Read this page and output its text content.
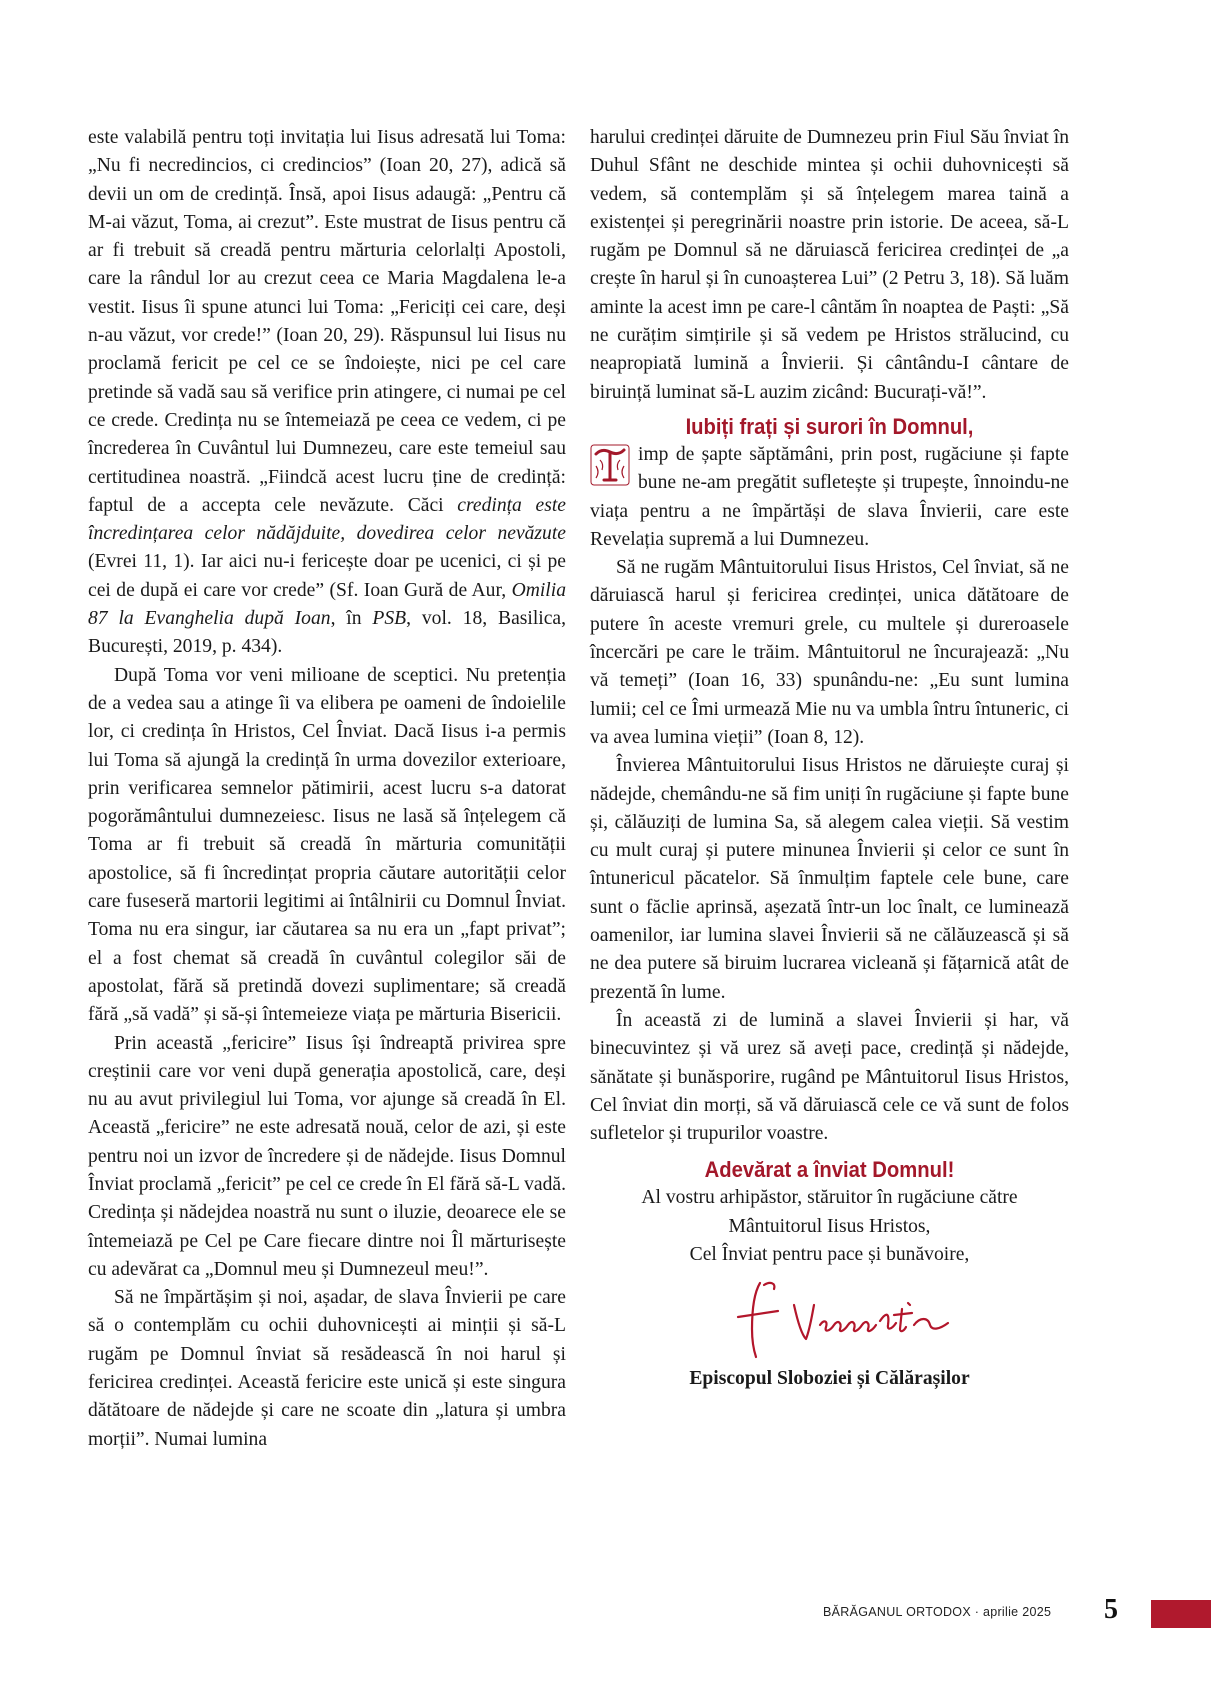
este valabilă pentru toți invitația lui Iisus adresată lui Toma: „Nu fi necredincios, ci credincios” (Ioan 20, 27), adică să devii un om de credință. Însă, apoi Iisus adaugă: „Pentru că M-ai văzut, Toma, ai crezut”. Este mustrat de Iisus pentru că ar fi trebuit să creadă pentru mărturia celorlalți Apostoli, care la rândul lor au crezut ceea ce Maria Magdalena le-a vestit. Iisus îi spune atunci lui Toma: „Fericiți cei care, deși n-au văzut, vor crede!” (Ioan 20, 29). Răspunsul lui Iisus nu proclamă fericit pe cel ce se îndoiește, nici pe cel care pretinde să vadă sau să verifice prin atingere, ci numai pe cel ce crede. Credința nu se întemeiază pe ceea ce vedem, ci pe încrederea în Cuvântul lui Dumnezeu, care este temeiul sau certitudinea noastră. „Fiindcă acest lucru ține de credință: faptul de a accepta cele nevăzute. Căci credința este încredințarea celor nădăjduite, dovedirea celor nevăzute (Evrei 11, 1). Iar aici nu-i fericește doar pe ucenici, ci și pe cei de după ei care vor crede” (Sf. Ioan Gură de Aur, Omilia 87 la Evanghelia după Ioan, în PSB, vol. 18, Basilica, București, 2019, p. 434).

După Toma vor veni milioane de sceptici. Nu pretenția de a vedea sau a atinge îi va elibera pe oameni de îndoielile lor, ci credința în Hristos, Cel Înviat. Dacă Iisus i-a permis lui Toma să ajungă la credință în urma dovezilor exterioare, prin verificarea semnelor pătimirii, acest lucru s-a datorat pogorământului dumnezeiesc. Iisus ne lasă să înțelegem că Toma ar fi trebuit să creadă în mărturia comunității apostolice, să fi încredințat propria căutare autorității celor care fuseseră martorii legitimi ai întâlnirii cu Domnul Înviat. Toma nu era singur, iar căutarea sa nu era un „fapt privat”; el a fost chemat să creadă în cuvântul colegilor săi de apostolat, fără să pretindă dovezi suplimentare; să creadă fără „să vadă” și să-și întemeieze viața pe mărturia Bisericii.

Prin această „fericire” Iisus își îndreaptă privirea spre creștinii care vor veni după generația apostolică, care, deși nu au avut privilegiul lui Toma, vor ajunge să creadă în El. Această „fericire” ne este adresată nouă, celor de azi, și este pentru noi un izvor de încredere și de nădejde. Iisus Domnul Înviat proclamă „fericit” pe cel ce crede în El fără să-L vadă. Credința și nădejdea noastră nu sunt o iluzie, deoarece ele se întemeiază pe Cel pe Care fiecare dintre noi Îl mărturisește cu adevărat ca „Domnul meu și Dumnezeul meu!”.

Să ne împărtășim și noi, așadar, de slava Învierii pe care să o contemplăm cu ochii duhovnicești ai minții și să-L rugăm pe Domnul înviat să resădească în noi harul și fericirea credinței. Această fericire este unică și este singura dătătoare de nădejde și care ne scoate din „latura și umbra morții”. Numai lumina

harului credinței dăruite de Dumnezeu prin Fiul Său înviat în Duhul Sfânt ne deschide mintea și ochii duhovnicești să vedem, să contemplăm și să înțelegem marea taină a existenței și peregrinării noastre prin istorie. De aceea, să-L rugăm pe Domnul să ne dăruiască fericirea credinței de „a crește în harul și în cunoașterea Lui” (2 Petru 3, 18). Să luăm aminte la acest imn pe care-l cântăm în noaptea de Paști: „Să ne curățim simțirile și să vedem pe Hristos strălucind, cu neapropiată lumină a Învierii. Și cântându-I cântare de biruință luminat să-L auzim zicând: Bucurați-vă!”.

Iubiți frați și surori în Domnul,

imp de șapte săptămâni, prin post, rugăciune și fapte bune ne-am pregătit sufletește și trupește, înnoindu-ne viața pentru a ne împărtăși de slava Învierii, care este Revelația supremă a lui Dumnezeu.

Să ne rugăm Mântuitorului Iisus Hristos, Cel înviat, să ne dăruiască harul și fericirea credinței, unica dătătoare de putere în aceste vremuri grele, cu multele și dureroasele încercări pe care le trăim. Mântuitorul ne încurajează: „Nu vă temeți” (Ioan 16, 33) spunându-ne: „Eu sunt lumina lumii; cel ce Îmi urmează Mie nu va umbla întru întuneric, ci va avea lumina vieții” (Ioan 8, 12).

Învierea Mântuitorului Iisus Hristos ne dăruiește curaj și nădejde, chemându-ne să fim uniți în rugăciune și fapte bune și, călăuziți de lumina Sa, să alegem calea vieții. Să vestim cu mult curaj și putere minunea Învierii și celor ce sunt în întunericul păcatelor. Să înmulțim faptele cele bune, care sunt o făclie aprinsă, așezată într-un loc înalt, ce luminează oamenilor, iar lumina slavei Învierii să ne călăuzească și să ne dea putere să biruim lucrarea vicleană și fățarnică atât de prezentă în lume.

În această zi de lumină a slavei Învierii și har, vă binecuvintez și vă urez să aveți pace, credință și nădejde, sănătate și bunăsporire, rugând pe Mântuitorul Iisus Hristos, Cel înviat din morți, să vă dăruiască cele ce vă sunt de folos sufletelor și trupurilor voastre.

Adevărat a înviat Domnul!

Al vostru arhipăstor, stăruitor în rugăciune către

Mântuitorul Iisus Hristos,

Cel Înviat pentru pace și bunăvoire,

Episcopul Sloboziei și Călărașilor
BĂRĂGANUL ORTODOX · aprilie 2025 5
